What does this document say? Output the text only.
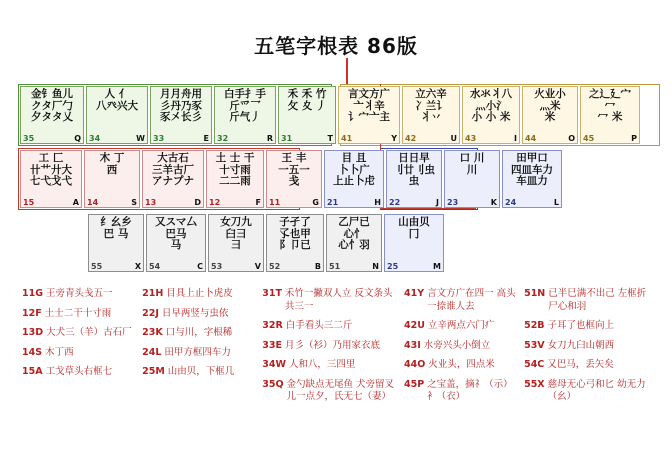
五笔字根表 86版
金钅鱼儿
クタ厂勹
夕タタ乂
35	Q
人 亻
八癶兴大
34	W
月月舟用
彡丹乃豕
豕㐅长彡
33	E
白手扌手
斤爫乛
斤气丿
32	R
禾 禾 竹
攵 夊 丿
31	T
言文方广
亠丬辛
讠宀亠主
41	Y
立六辛
冫兰讠
丬丷
42	U
水氺丬八
灬小氵
小 小 米
43	I
火业小
灬米
米
44	O
之辶廴宀
冖
冖 米
45	P
工 匚
卄艹廾大
七弋戈弋
15	A
木 丁
西
14	S
大古石
三羊古厂
アナプナ
13	D
土 士 干
十寸雨
二二雨
12	F
王 丰
一五一
戋
11	G
目 且
卜卜广
上止卜虍
21	H
日日早
刂廿刂虫
虫
22	J
口 川
川
23	K
田甲口
四皿车力
车皿力
24	L
纟幺乡
巴 马
55	X
又スマ厶
巴马
马
54	C
女刀九
臼彐
彐
53	V
子孑了
孓也甲
阝卩已
52	B
乙尸已
心忄
心忄羽
51	N
山由贝
冂
25	M
11G 王旁青头戋五一
12F 土士二干十寸雨
13D 大犬三（羊）古石厂
14S 木丁西
15A 工戈草头右框七
21H 目具上止卜虎皮
22J 日早两竖与虫依
23K 口与川，字根稀
24L 田甲方框四车力
25M 山由贝，下框几
31T 禾竹一撇双人立 反文条头共三一
32R 白手看头三二斤
33E 月彡（衫）乃用家衣底
34W 人和八，三四里
35Q 金勺缺点无尾鱼 犬旁留叉儿一点夕，氏无七（妻）
41Y 言文方广在四一 高头一捺谁人去
42U 立辛两点六门疒
43I 水旁兴头小倒立
44O 火业头，四点米
45P 之宝盖，摘礻（示）衤（衣）
51N 已半巳满不出己 左框折尸心和羽
52B 子耳了也框向上
53V 女刀九臼山朝西
54C 又巴马，丢矢矣
55X 慈母无心弓和匕 幼无力（幺）
